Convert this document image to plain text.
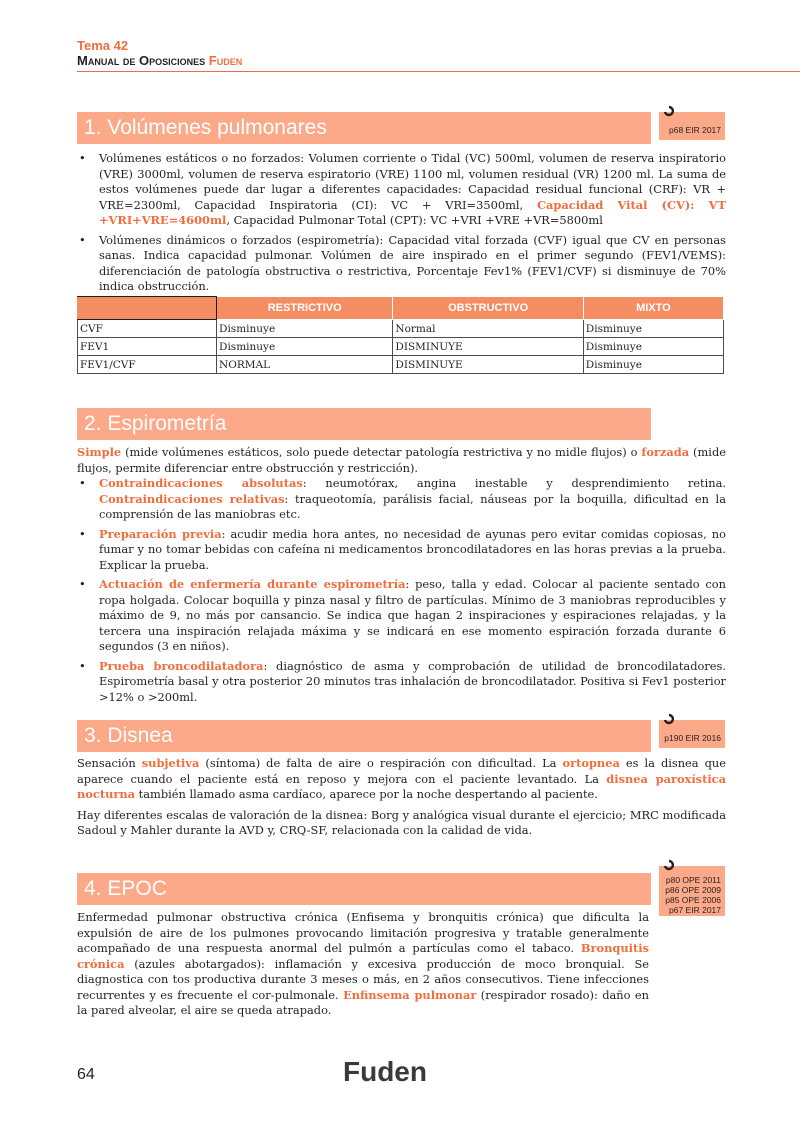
Tema 42
Manual de Oposiciones Fuden
1. Volúmenes pulmonares	p68 EIR 2017
• Volúmenes estáticos o no forzados: Volumen corriente o Tidal (VC) 500ml, volumen de reserva inspiratorio (VRE) 3000ml, volumen de reserva espiratorio (VRE) 1100 ml, volumen residual (VR) 1200 ml. La suma de estos volúmenes puede dar lugar a diferentes capacidades: Capacidad residual funcional (CRF): VR + VRE=2300ml, Capacidad Inspiratoria (CI): VC + VRI=3500ml, Capacidad Vital (CV): VT +VRI+VRE=4600ml, Capacidad Pulmonar Total (CPT): VC +VRI +VRE +VR=5800ml
• Volúmenes dinámicos o forzados (espirometría): Capacidad vital forzada (CVF) igual que CV en personas sanas. Indica capacidad pulmonar. Volúmen de aire inspirado en el primer segundo (FEV1/VEMS): diferenciación de patología obstructiva o restrictiva, Porcentaje Fev1% (FEV1/CVF) si disminuye de 70% indica obstrucción.
	RESTRICTIVO	OBSTRUCTIVO	MIXTO
CVF	Disminuye	Normal	Disminuye
FEV1	Disminuye	DISMINUYE	Disminuye
FEV1/CVF	NORMAL	DISMINUYE	Disminuye
2. Espirometría

Simple (mide volúmenes estáticos, solo puede detectar patología restrictiva y no midle flujos) o forzada (mide flujos, permite diferenciar entre obstrucción y restricción).

• Contraindicaciones absolutas: neumotórax, angina inestable y desprendimiento retina. Contraindicaciones relativas: traqueotomía, parálisis facial, náuseas por la boquilla, dificultad en la comprensión de las maniobras etc.
• Preparación previa: acudir media hora antes, no necesidad de ayunas pero evitar comidas copiosas, no fumar y no tomar bebidas con cafeína ni medicamentos broncodilatadores en las horas previas a la prueba. Explicar la prueba.
• Actuación de enfermería durante espirometría: peso, talla y edad. Colocar al paciente sentado con ropa holgada. Colocar boquilla y pinza nasal y filtro de partículas. Mínimo de 3 maniobras reproducibles y máximo de 9, no más por cansancio. Se indica que hagan 2 inspiraciones y espiraciones relajadas, y la tercera una inspiración relajada máxima y se indicará en ese momento espiración forzada durante 6 segundos (3 en niños).
• Prueba broncodilatadora: diagnóstico de asma y comprobación de utilidad de broncodilatadores. Espirometría basal y otra posterior 20 minutos tras inhalación de broncodilatador. Positiva si Fev1 posterior >12% o >200ml.
3. Disnea	p190 EIR 2016

Sensación subjetiva (síntoma) de falta de aire o respiración con dificultad. La ortopnea es la disnea que aparece cuando el paciente está en reposo y mejora con el paciente levantado. La disnea paroxística nocturna también llamado asma cardíaco, aparece por la noche despertando al paciente.

Hay diferentes escalas de valoración de la disnea: Borg y analógica visual durante el ejercicio; MRC modificada Sadoul y Mahler durante la AVD y, CRQ-SF, relacionada con la calidad de vida.

4. EPOC	p80 OPE 2011
p86 OPE 2009
p85 OPE 2006
p67 EIR 2017

Enfermedad pulmonar obstructiva crónica (Enfisema y bronquitis crónica) que dificulta la expulsión de aire de los pulmones provocando limitación progresiva y tratable generalmente acompañado de una respuesta anormal del pulmón a partículas como el tabaco. Bronquitis crónica (azules abotargados): inflamación y excesiva producción de moco bronquial. Se diagnostica con tos productiva durante 3 meses o más, en 2 años consecutivos. Tiene infecciones recurrentes y es frecuente el cor-pulmonale. Enfinsema pulmonar (respirador rosado): daño en la pared alveolar, el aire se queda atrapado.

64	Fuden
